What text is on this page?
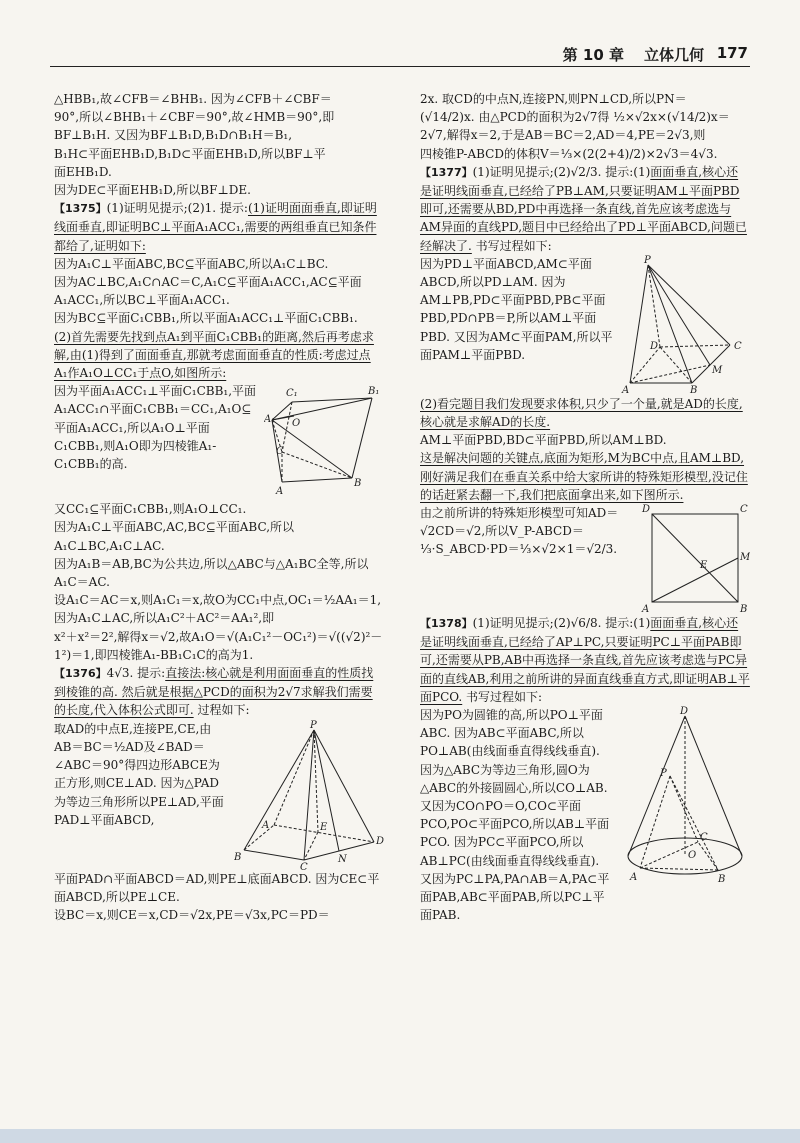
第 10 章 立体几何 177

△HBB₁,故∠CFB＝∠BHB₁. 因为∠CFB＋∠CBF＝

90°,所以∠BHB₁＋∠CBF＝90°,故∠HMB＝90°,即

BF⊥B₁H. 又因为BF⊥B₁D,B₁D∩B₁H＝B₁,

B₁H⊂平面EHB₁D,B₁D⊂平面EHB₁D,所以BF⊥平

面EHB₁D.

因为DE⊂平面EHB₁D,所以BF⊥DE.

【1375】(1)证明见提示;(2)1. 提示:(1)证明面面垂直,即证明线面垂直,即证明BC⊥平面A₁ACC₁,需要的两组垂直已知条件都给了,证明如下:

因为A₁C⊥平面ABC,BC⊆平面ABC,所以A₁C⊥BC.

因为AC⊥BC,A₁C∩AC＝C,A₁C⊆平面A₁ACC₁,AC⊆平面A₁ACC₁,所以BC⊥平面A₁ACC₁.

因为BC⊆平面C₁CBB₁,所以平面A₁ACC₁⊥平面C₁CBB₁.

(2)首先需要先找到点A₁到平面C₁CBB₁的距离,然后再考虑求解,由(1)得到了面面垂直,那就考虑面面垂直的性质:考虑过点A₁作A₁O⊥CC₁于点O,如图所示:

因为平面A₁ACC₁⊥平面C₁CBB₁,平面A₁ACC₁∩平面C₁CBB₁＝CC₁,A₁O⊆平面A₁ACC₁,所以A₁O⊥平面C₁CBB₁,则A₁O即为四棱锥A₁-C₁CBB₁的高.

C₁	B₁
A₁ O
C
A
B

又CC₁⊆平面C₁CBB₁,则A₁O⊥CC₁.

因为A₁C⊥平面ABC,AC,BC⊆平面ABC,所以A₁C⊥BC,A₁C⊥AC.

因为A₁B＝AB,BC为公共边,所以△ABC与△A₁BC全等,所以A₁C＝AC.

设A₁C＝AC＝x,则A₁C₁＝x,故O为CC₁中点,OC₁＝½AA₁＝1,因为A₁C⊥AC,所以A₁C²＋AC²＝AA₁²,即

x²＋x²＝2²,解得x＝√2,故A₁O＝√(A₁C₁²－OC₁²)＝√((√2)²－1²)＝1,即四棱锥A₁-BB₁C₁C的高为1.

【1376】4√3. 提示:直接法:核心就是利用面面垂直的性质找到棱锥的高. 然后就是根据△PCD的面积为2√7求解我们需要的长度,代入体积公式即可. 过程如下:

取AD的中点E,连接PE,CE,由AB＝BC＝½AD及∠BAD＝∠ABC＝90°得四边形ABCE为正方形,则CE⊥AD. 因为△PAD为等边三角形所以PE⊥AD,平面PAD⊥平面ABCD,

P
A	E
D
B
C
N

平面PAD∩平面ABCD＝AD,则PE⊥底面ABCD. 因为CE⊂平面ABCD,所以PE⊥CE.

设BC＝x,则CE＝x,CD＝√2x,PE＝√3x,PC＝PD＝

2x. 取CD的中点N,连接PN,则PN⊥CD,所以PN＝

(√14/2)x. 由△PCD的面积为2√7得 ½×√2x×(√14/2)x＝

2√7,解得x＝2,于是AB＝BC＝2,AD＝4,PE＝2√3,则

四棱锥P-ABCD的体积V＝⅓×(2(2+4)/2)×2√3＝4√3.

【1377】(1)证明见提示;(2)√2/3. 提示:(1)面面垂直,核心还是证明线面垂直,已经给了PB⊥AM,只要证明AM⊥平面PBD即可,还需要从BD,PD中再选择一条直线,首先应该考虑选与AM异面的直线PD,题目中已经给出了PD⊥平面ABCD,问题已经解决了. 书写过程如下:

因为PD⊥平面ABCD,AM⊂平面ABCD,所以PD⊥AM. 因为AM⊥PB,PD⊂平面PBD,PB⊂平面PBD,PD∩PB＝P,所以AM⊥平面PBD. 又因为AM⊂平面PAM,所以平面PAM⊥平面PBD.

P
D	C
M
A	B

(2)看完题目我们发现要求体积,只少了一个量,就是AD的长度,核心就是求解AD的长度.

AM⊥平面PBD,BD⊂平面PBD,所以AM⊥BD.

这是解决问题的关键点,底面为矩形,M为BC中点,且AM⊥BD,刚好满足我们在垂直关系中给大家所讲的特殊矩形模型,没记住的话赶紧去翻一下,我们把底面拿出来,如下图所示.

由之前所讲的特殊矩形模型可知AD＝√2CD＝√2,所以V_P-ABCD＝⅓·S_ABCD·PD＝⅓×√2×1＝√2/3.

D	C
E
M
A	B

【1378】(1)证明见提示;(2)√6/8. 提示:(1)面面垂直,核心还是证明线面垂直,已经给了AP⊥PC,只要证明PC⊥平面PAB即可,还需要从PB,AB中再选择一条直线,首先应该考虑选与PC异面的直线AB,利用之前所讲的异面直线垂直方式,即证明AB⊥平面PCO. 书写过程如下:

因为PO为圆锥的高,所以PO⊥平面ABC. 因为AB⊂平面ABC,所以PO⊥AB(由线面垂直得线线垂直). 因为△ABC为等边三角形,圆O为△ABC的外接圆圆心,所以CO⊥AB. 又因为CO∩PO＝O,CO⊂平面PCO,PO⊂平面PCO,所以AB⊥平面PCO. 因为PC⊂平面PCO,所以AB⊥PC(由线面垂直得线线垂直). 又因为PC⊥PA,PA∩AB＝A,PA⊂平面PAB,AB⊂平面PAB,所以PC⊥平面PAB.

D
P
O
C
A	B
